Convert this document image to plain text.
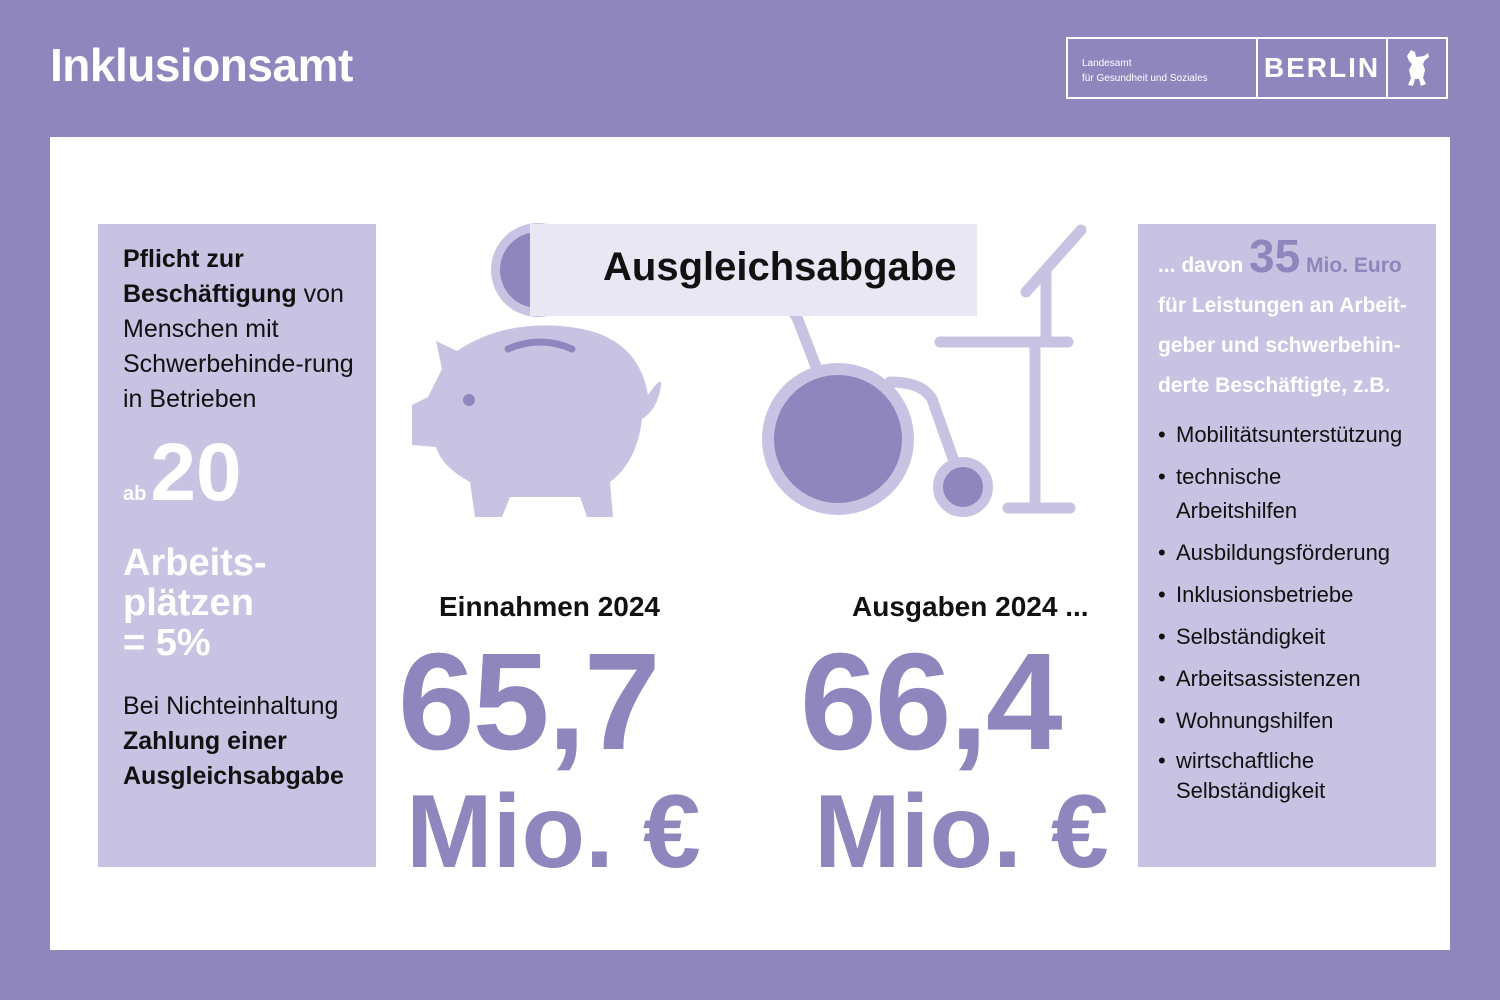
Inklusionsamt	Landesamt
für Gesundheit und Soziales	BERLIN

Pflicht zur
Beschäftigung von Menschen mit Schwerbehinde-rung in Betrieben

ab 20
Arbeits-
plätzen
= 5%
Bei Nichteinhaltung
Zahlung einer
Ausgleichsabgabe
Ausgleichsabgabe
Einnahmen 2024
65,7
Mio. €
Ausgaben 2024 ...
66,4
Mio. €
... davon 35 Mio. Euro
für Leistungen an Arbeit-
geber und schwerbehin-
derte Beschäftigte, z.B.
• Mobilitätsunterstützung
• technische Arbeitshilfen
• Ausbildungsförderung
• Inklusionsbetriebe
• Selbständigkeit
• Arbeitsassistenzen
• Wohnungshilfen
• wirtschaftliche Selbständigkeit
